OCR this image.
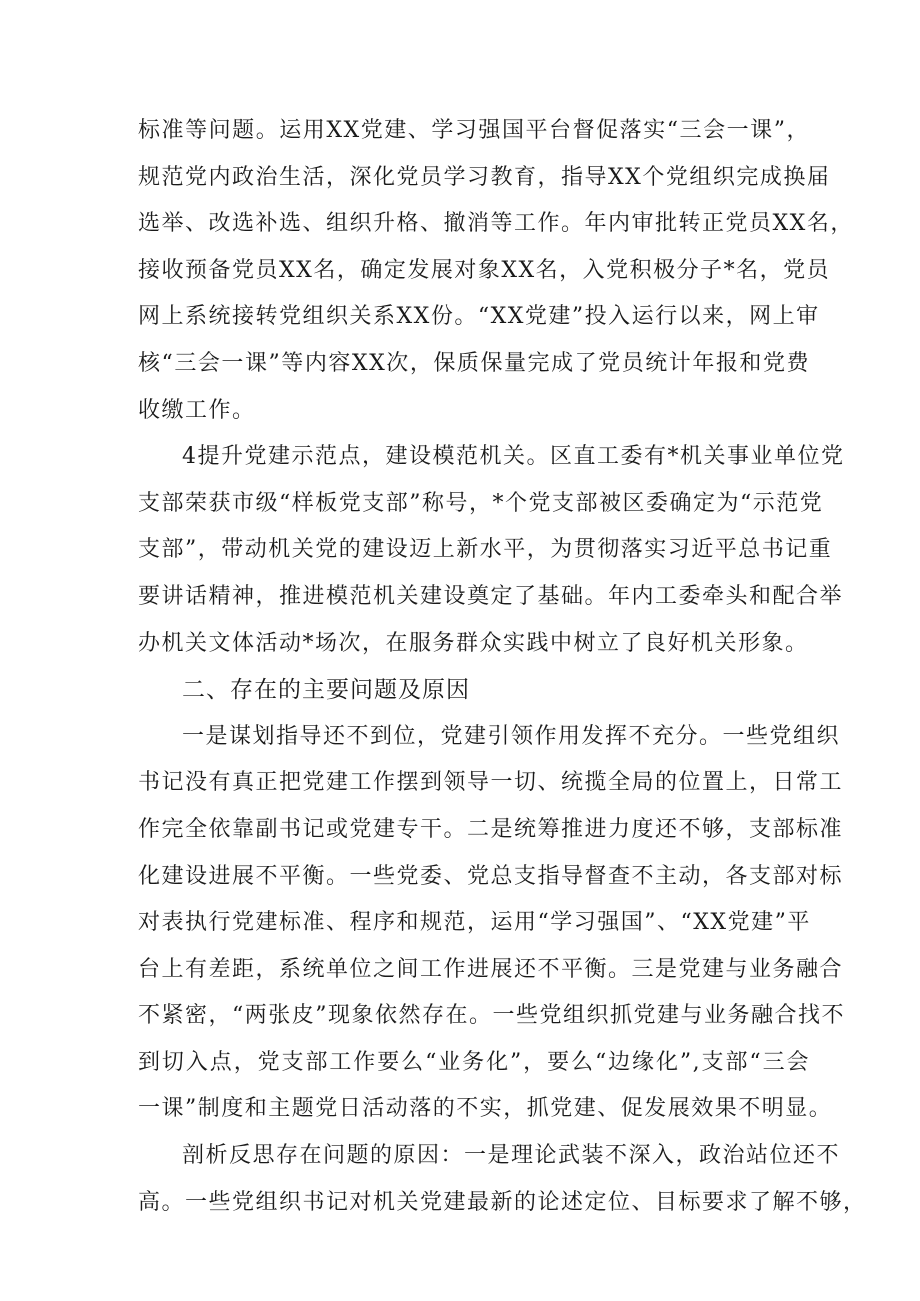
标准等问题。运用XX党建、学习强国平台督促落实“三会一课”，
规范党内政治生活，深化党员学习教育，指导XX个党组织完成换届
选举、改选补选、组织升格、撤消等工作。年内审批转正党员XX名，
接收预备党员XX名，确定发展对象XX名，入党积极分子*名，党员
网上系统接转党组织关系XX份。“XX党建”投入运行以来，网上审
核“三会一课”等内容XX次，保质保量完成了党员统计年报和党费
收缴工作。
4提升党建示范点，建设模范机关。区直工委有*机关事业单位党
支部荣获市级“样板党支部”称号，*个党支部被区委确定为“示范党
支部”，带动机关党的建设迈上新水平，为贯彻落实习近平总书记重
要讲话精神，推进模范机关建设奠定了基础。年内工委牵头和配合举
办机关文体活动*场次，在服务群众实践中树立了良好机关形象。
二、存在的主要问题及原因
一是谋划指导还不到位，党建引领作用发挥不充分。一些党组织
书记没有真正把党建工作摆到领导一切、统揽全局的位置上，日常工
作完全依靠副书记或党建专干。二是统筹推进力度还不够，支部标准
化建设进展不平衡。一些党委、党总支指导督查不主动，各支部对标
对表执行党建标准、程序和规范，运用“学习强国”、“XX党建”平
台上有差距，系统单位之间工作进展还不平衡。三是党建与业务融合
不紧密，“两张皮”现象依然存在。一些党组织抓党建与业务融合找不
到切入点，党支部工作要么“业务化”，要么“边缘化”,支部“三会
一课”制度和主题党日活动落的不实，抓党建、促发展效果不明显。
剖析反思存在问题的原因：一是理论武装不深入，政治站位还不
高。一些党组织书记对机关党建最新的论述定位、目标要求了解不够，
